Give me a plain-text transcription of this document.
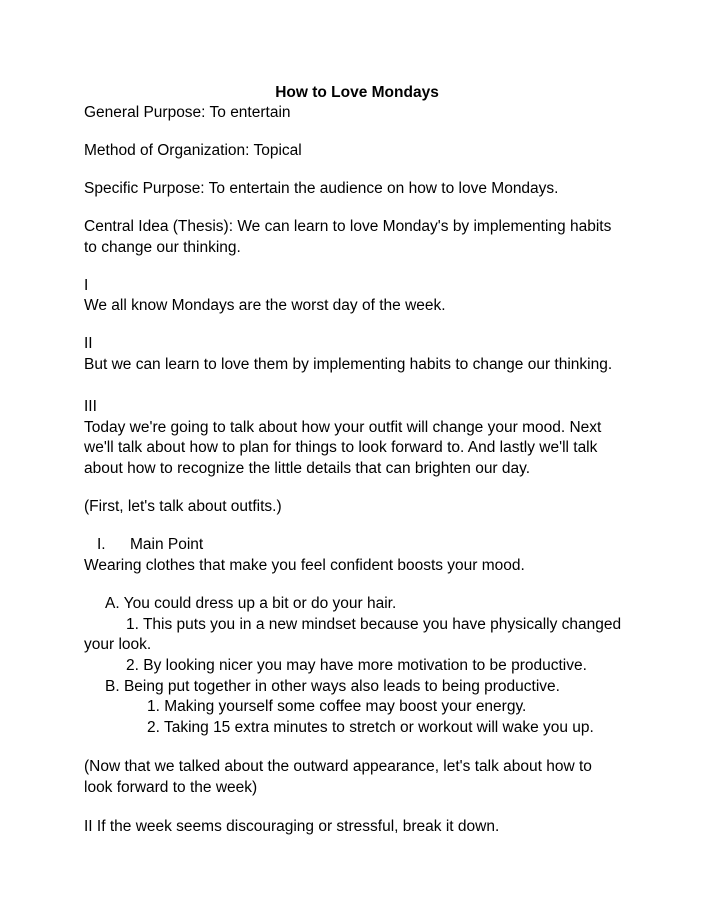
How to Love Mondays

General Purpose: To entertain

Method of Organization: Topical

Specific Purpose: To entertain the audience on how to love Mondays.

Central Idea (Thesis): We can learn to love Monday's by implementing habits

to change our thinking.

I

We all know Mondays are the worst day of the week.

II

But we can learn to love them by implementing habits to change our thinking.

III

Today we're going to talk about how your outfit will change your mood. Next

we'll talk about how to plan for things to look forward to. And lastly we'll talk

about how to recognize the little details that can brighten our day.

(First, let's talk about outfits.)

I. Main Point

Wearing clothes that make you feel confident boosts your mood.

A. You could dress up a bit or do your hair.

1. This puts you in a new mindset because you have physically changed

your look.

2. By looking nicer you may have more motivation to be productive.

B. Being put together in other ways also leads to being productive.

1. Making yourself some coffee may boost your energy.

2. Taking 15 extra minutes to stretch or workout will wake you up.

(Now that we talked about the outward appearance, let's talk about how to

look forward to the week)

II If the week seems discouraging or stressful, break it down.
